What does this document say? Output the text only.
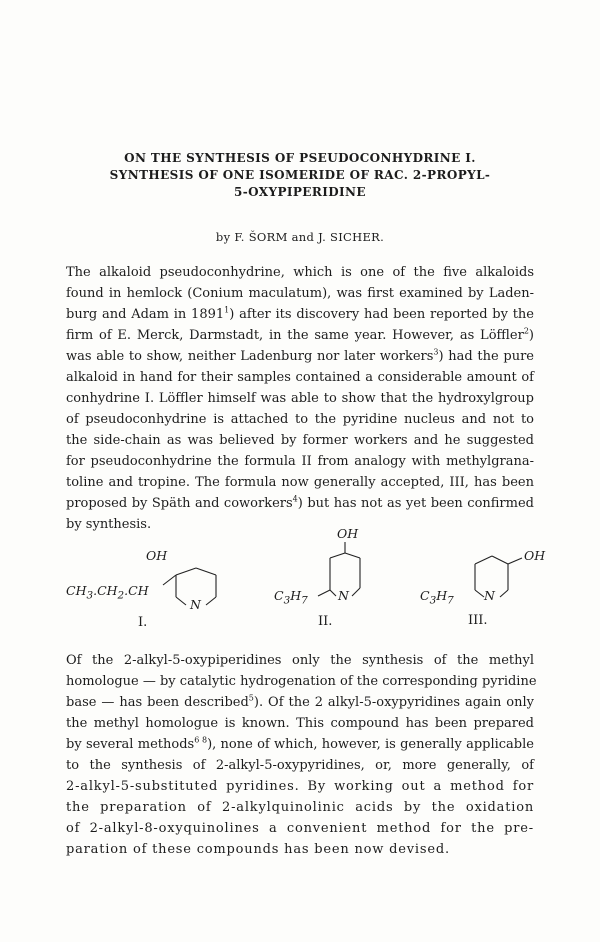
ON THE SYNTHESIS OF PSEUDOCONHYDRINE I.
SYNTHESIS OF ONE ISOMERIDE OF RAC. 2-PROPYL-
5-OXYPIPERIDINE
by F. ŠORM and J. SICHER.

The alkaloid pseudoconhydrine, which is one of the five alkaloids
found in hemlock (Conium maculatum), was first examined by Laden-
burg and Adam in 1891$^1$) after its discovery had been reported by the
firm of E. Merck, Darmstadt, in the same year. However, as Löffler$^2$)
was able to show, neither Ladenburg nor later workers$^3$) had the pure
alkaloid in hand for their samples contained a considerable amount of
conhydrine I. Löffler himself was able to show that the hydroxylgroup
of pseudoconhydrine is attached to the pyridine nucleus and not to
the side-chain as was believed by former workers and he suggested
for pseudoconhydrine the formula II from analogy with methylgrana-
toline and tropine. The formula now generally accepted, III, has been
proposed by Späth and coworkers$^4$) but has not as yet been confirmed
by synthesis.

OH
$CH_3.CH_2.CH$
N
I.
OH
$C_3H_7$ N
II.
OH
$C_3H_7$ N
III.

Of the 2-alkyl-5-oxypiperidines only the synthesis of the methyl
homologue — by catalytic hydrogenation of the corresponding pyridine
base — has been described$^5$). Of the 2 alkyl-5-oxypyridines again only
the methyl homologue is known. This compound has been prepared
by several methods$^{6 8}$), none of which, however, is generally applicable
to the synthesis of 2-alkyl-5-oxypyridines, or, more generally, of
2-alkyl-5-substituted pyridines. By working out a method for
the preparation of 2-alkylquinolinic acids by the oxidation
of 2-alkyl-8-oxyquinolines a convenient method for the pre-
paration of these compounds has been now devised.
